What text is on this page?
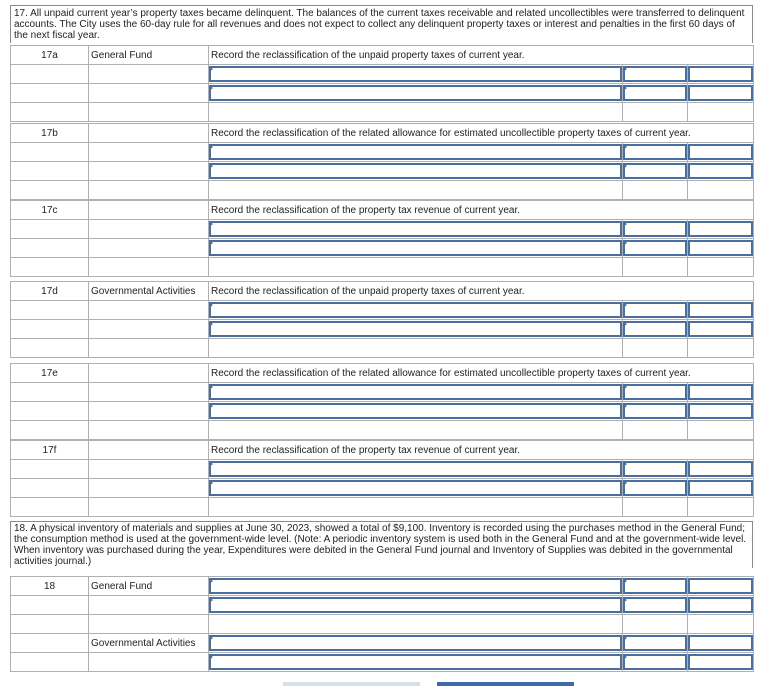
17. All unpaid current year’s property taxes became delinquent. The balances of the current taxes receivable and related uncollectibles were transferred to delinquent accounts. The City uses the 60-day rule for all revenues and does not expect to collect any delinquent property taxes or interest and penalties in the first 60 days of the next fiscal year.
17a	General Fund	Record the reclassification of the unpaid property taxes of current year.		

17b		Record the reclassification of the related allowance for estimated uncollectible property taxes of current year.		

17c		Record the reclassification of the property tax revenue of current year.		

17d	Governmental Activities	Record the reclassification of the unpaid property taxes of current year.		

17e		Record the reclassification of the related allowance for estimated uncollectible property taxes of current year.		

17f		Record the reclassification of the property tax revenue of current year.		

18. A physical inventory of materials and supplies at June 30, 2023, showed a total of $9,100. Inventory is recorded using the purchases method in the General Fund; the consumption method is used at the government-wide level. (Note: A periodic inventory system is used both in the General Fund and at the government-wide level. When inventory was purchased during the year, Expenditures were debited in the General Fund journal and Inventory of Supplies was debited in the governmental activities journal.)
18	General Fund	

	Governmental Activities	
